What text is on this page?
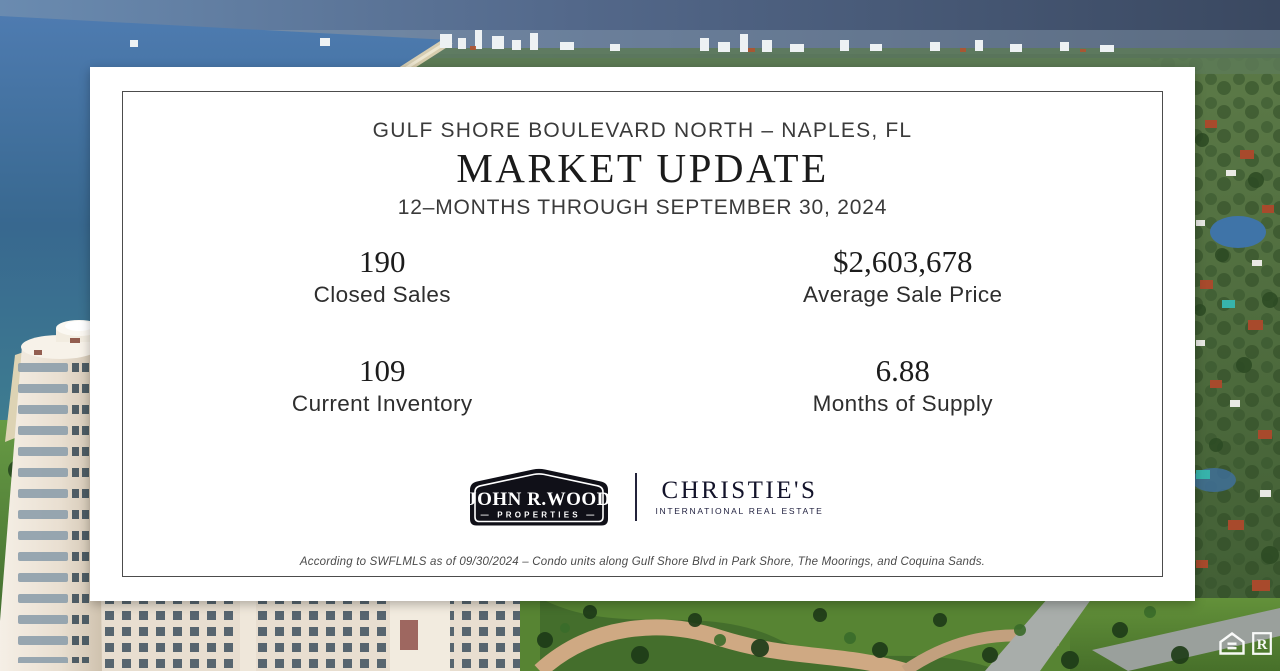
GULF SHORE BOULEVARD NORTH – NAPLES, FL
MARKET UPDATE
12–MONTHS THROUGH SEPTEMBER 30, 2024
190
Closed Sales
$2,603,678
Average Sale Price
109
Current Inventory
6.88
Months of Supply
JOHN R.WOOD
— PROPERTIES —
CHRISTIE'S
INTERNATIONAL REAL ESTATE
According to SWFLMLS as of 09/30/2024 – Condo units along Gulf Shore Blvd in Park Shore, The Moorings, and Coquina Sands.
R
